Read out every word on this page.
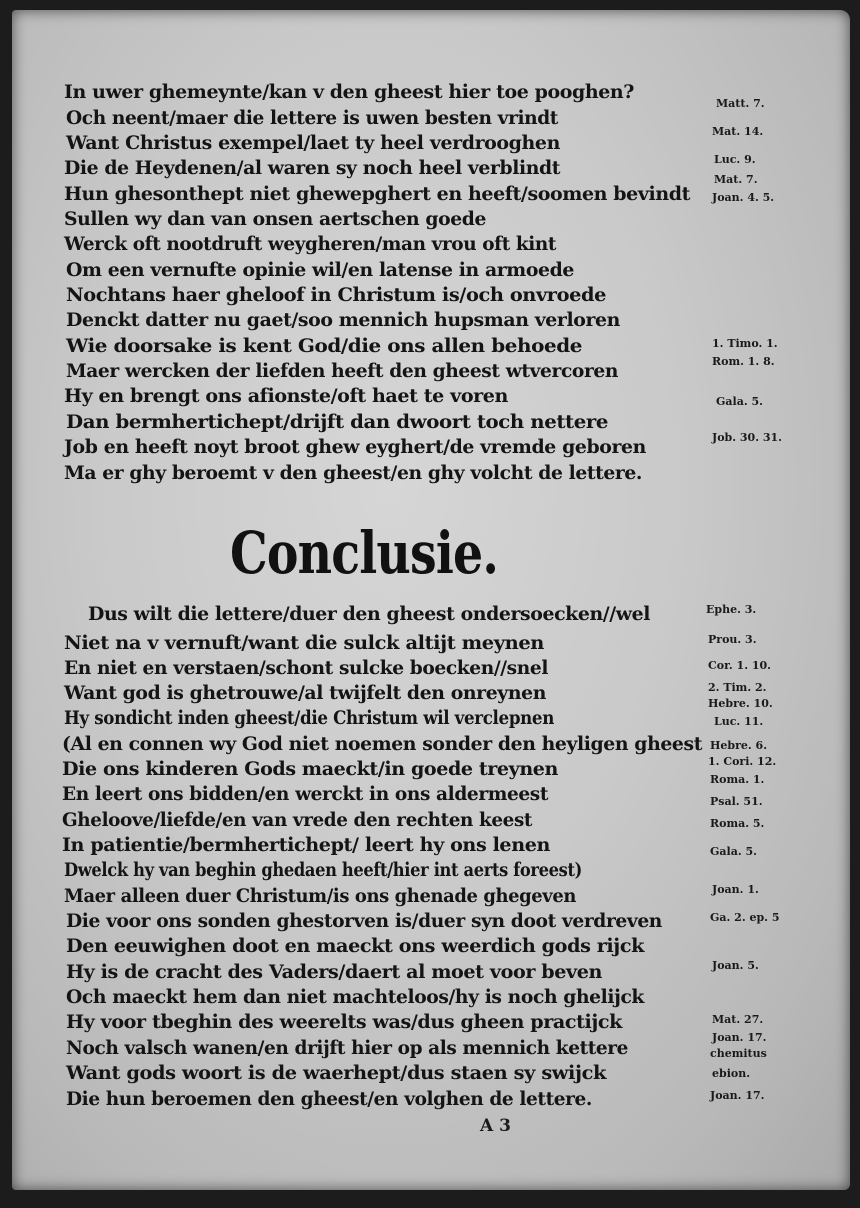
Conclusie.
A 3
In uwer ghemeynte/kan v den gheest hier toe pooghen?
Och neent/maer die lettere is uwen besten vrindt
Want Christus exempel/laet ty heel verdrooghen
Die de Heydenen/al waren sy noch heel verblindt
Hun ghesonthept niet ghewepghert en heeft/soomen bevindt
Sullen wy dan van onsen aertschen goede
Werck oft nootdruft weygheren/man vrou oft kint
Om een vernufte opinie wil/en latense in armoede
Nochtans haer gheloof in Christum is/och onvroede
Denckt datter nu gaet/soo mennich hupsman verloren
Wie doorsake is kent God/die ons allen behoede
Maer wercken der liefden heeft den gheest wtvercoren
Hy en brengt ons afionste/oft haet te voren
Dan bermhertichept/drijft dan dwoort toch nettere
Job en heeft noyt broot ghew eyghert/de vremde geboren
Ma er ghy beroemt v den gheest/en ghy volcht de lettere.
Matt. 7.
Mat. 14.
Luc. 9.
Mat. 7.
Joan. 4. 5.
1. Timo. 1.
Rom. 1. 8.
Gala. 5.
Job. 30. 31.
Dus wilt die lettere/duer den gheest ondersoecken//wel
Niet na v vernuft/want die sulck altijt meynen
En niet en verstaen/schont sulcke boecken//snel
Want god is ghetrouwe/al twijfelt den onreynen
Hy sondicht inden gheest/die Christum wil verclepnen
(Al en connen wy God niet noemen sonder den heyligen gheest
Die ons kinderen Gods maeckt/in goede treynen
En leert ons bidden/en werckt in ons aldermeest
Gheloove/liefde/en van vrede den rechten keest
In patientie/bermhertichept/ leert hy ons lenen
Dwelck hy van beghin ghedaen heeft/hier int aerts foreest)
Maer alleen duer Christum/is ons ghenade ghegeven
Die voor ons sonden ghestorven is/duer syn doot verdreven
Den eeuwighen doot en maeckt ons weerdich gods rijck
Hy is de cracht des Vaders/daert al moet voor beven
Och maeckt hem dan niet machteloos/hy is noch ghelijck
Hy voor tbeghin des weerelts was/dus gheen practijck
Noch valsch wanen/en drijft hier op als mennich kettere
Want gods woort is de waerhept/dus staen sy swijck
Die hun beroemen den gheest/en volghen de lettere.
Ephe. 3.
Prou. 3.
Cor. 1. 10.
2. Tim. 2.
Hebre. 10.
Luc. 11.
Hebre. 6.
1. Cori. 12.
Roma. 1.
Psal. 51.
Roma. 5.
Gala. 5.
Joan. 1.
Ga. 2. ep. 5
Joan. 5.
Mat. 27.
Joan. 17.
chemitus
ebion.
Joan. 17.
